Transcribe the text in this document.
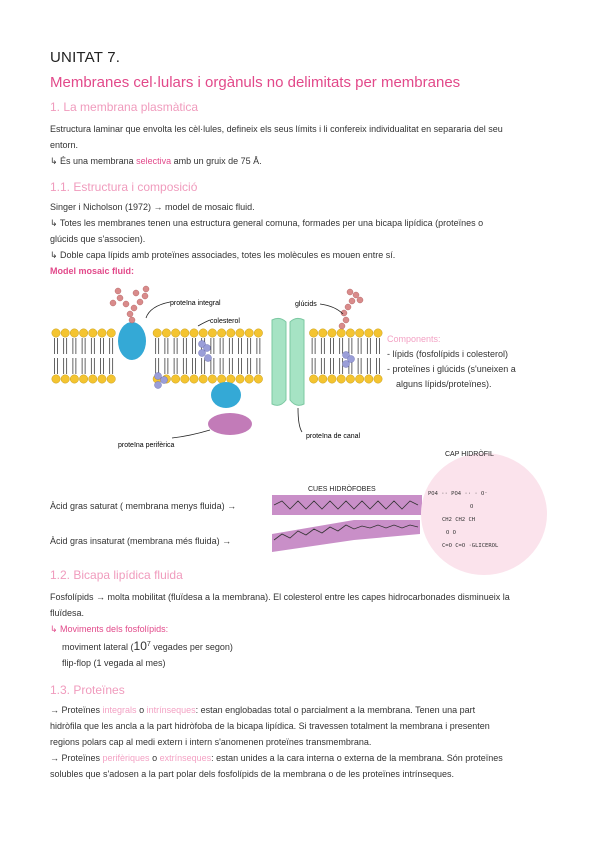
UNITAT 7.
Membranes cel·lulars i orgànuls no delimitats per membranes
1. La membrana plasmàtica
Estructura laminar que envolta les cèl·lules, defineix els seus límits i li confereix individualitat en separaria del seu
entorn.
↳ És una membrana selectiva amb un gruix de 75 Å.
1.1. Estructura i composició
Singer i Nicholson (1972) → model de mosaic fluid.
↳ Totes les membranes tenen una estructura general comuna, formades per una bicapa lipídica (proteïnes o
glúcids que s'associen).
↳ Doble capa lípids amb proteïnes associades, totes les molècules es mouen entre sí.
Model mosaic fluid:
proteïna integral
colesterol
glúcids
proteïna perifèrica
proteïna de canal
Components:
- lípids (fosfolípids i colesterol)
- proteïnes i glúcids (s'uneixen a
alguns lípids/proteïnes).
Àcid gras saturat ( membrana menys fluida) →
Àcid gras insaturat (membrana més fluida) →
CUES HIDRÒFOBES
CAP HIDRÒFIL
PO4 ·· PO4 ·· · O⁻
O
CH2 CH2 CH
O O
C=O C=O ·GLICEROL
1.2. Bicapa lipídica fluida
Fosfolípids → molta mobilitat (fluïdesa a la membrana). El colesterol entre les capes hidrocarbonades disminueix la
fluïdesa.
↳ Moviments dels fosfolípids:
moviment lateral ($10^7$ vegades per segon)
flip-flop (1 vegada al mes)
1.3. Proteïnes
→ Proteïnes integrals o intrínseques: estan englobadas total o parcialment a la membrana. Tenen una part
hidròfila que les ancla a la part hidròfoba de la bicapa lipídica. Si travessen totalment la membrana i presenten
regions polars cap al medi extern i intern s'anomenen proteïnes transmembrana.
→ Proteïnes perifèriques o extrínseques: estan unides a la cara interna o externa de la membrana. Són proteïnes
solubles que s'adosen a la part polar dels fosfolípids de la membrana o de les proteïnes intrínseques.
